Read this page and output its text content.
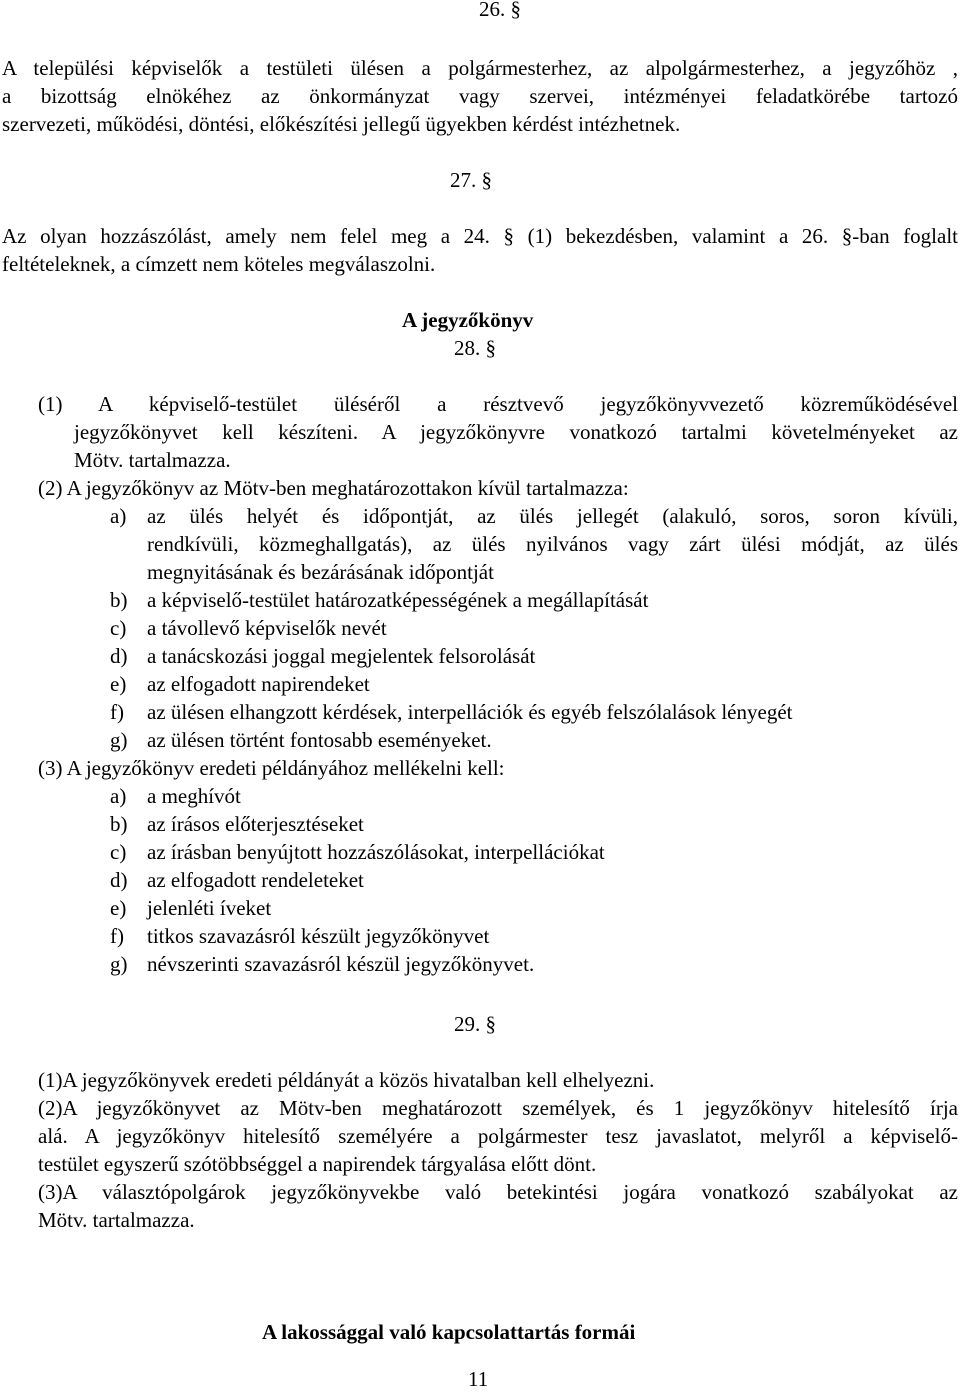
26. §
A települési képviselők a testületi ülésen a polgármesterhez, az alpolgármesterhez, a jegyzőhöz ,
a bizottság elnökéhez az önkormányzat vagy szervei, intézményei feladatkörébe tartozó
szervezeti, működési, döntési, előkészítési jellegű ügyekben kérdést intézhetnek.
27. §
Az olyan hozzászólást, amely nem felel meg a 24. § (1) bekezdésben, valamint a 26. §-ban foglalt
feltételeknek, a címzett nem köteles megválaszolni.
A jegyzőkönyv
28. §
(1) A képviselő-testület üléséről a résztvevő jegyzőkönyvvezető közreműködésével
jegyzőkönyvet kell készíteni. A jegyzőkönyvre vonatkozó tartalmi követelményeket az
Mötv. tartalmazza.
(2) A jegyzőkönyv az Mötv-ben meghatározottakon kívül tartalmazza:
a) az ülés helyét és időpontját, az ülés jellegét (alakuló, soros, soron kívüli,
rendkívüli, közmeghallgatás), az ülés nyilvános vagy zárt ülési módját, az ülés
megnyitásának és bezárásának időpontját
b) a képviselő-testület határozatképességének a megállapítását
c) a távollevő képviselők nevét
d) a tanácskozási joggal megjelentek felsorolását
e) az elfogadott napirendeket
f) az ülésen elhangzott kérdések, interpellációk és egyéb felszólalások lényegét
g) az ülésen történt fontosabb eseményeket.
(3) A jegyzőkönyv eredeti példányához mellékelni kell:
a) a meghívót
b) az írásos előterjesztéseket
c) az írásban benyújtott hozzászólásokat, interpellációkat
d) az elfogadott rendeleteket
e) jelenléti íveket
f) titkos szavazásról készült jegyzőkönyvet
g) névszerinti szavazásról készül jegyzőkönyvet.
29. §
(1)A jegyzőkönyvek eredeti példányát a közös hivatalban kell elhelyezni.
(2)A jegyzőkönyvet az Mötv-ben meghatározott személyek, és 1 jegyzőkönyv hitelesítő írja
alá. A jegyzőkönyv hitelesítő személyére a polgármester tesz javaslatot, melyről a képviselő-
testület egyszerű szótöbbséggel a napirendek tárgyalása előtt dönt.
(3)A választópolgárok jegyzőkönyvekbe való betekintési jogára vonatkozó szabályokat az
Mötv. tartalmazza.
A lakossággal való kapcsolattartás formái
11
